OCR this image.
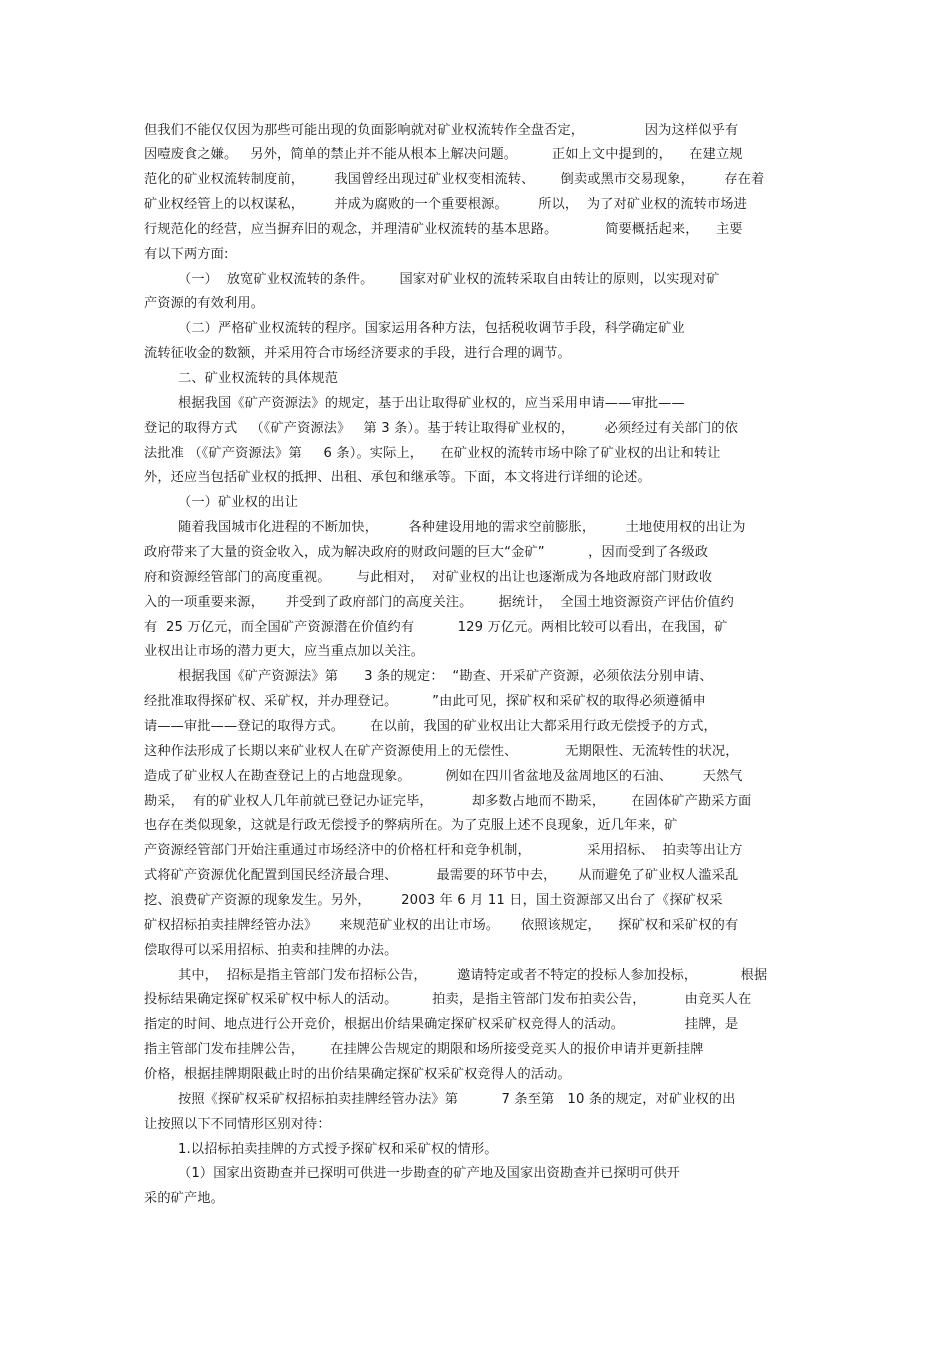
但我们不能仅仅因为那些可能出现的负面影响就对矿业权流转作全盘否定，              因为这样似乎有
因噎废食之嫌。   另外，简单的禁止并不能从根本上解决问题。        正如上文中提到的，    在建立规
范化的矿业权流转制度前，       我国曾经出现过矿业权变相流转、      倒卖或黑市交易现象，       存在着
矿业权经管上的以权谋私，       并成为腐败的一个重要根源。       所以，  为了对矿业权的流转市场进
行规范化的经营，应当摒弃旧的观念，并理清矿业权流转的基本思路。           简要概括起来，    主要
有以下两方面:
（一）  放宽矿业权流转的条件。      国家对矿业权的流转采取自由转让的原则，以实现对矿
产资源的有效利用。
（二）严格矿业权流转的程序。国家运用各种方法，包括税收调节手段，科学确定矿业
流转征收金的数额，并采用符合市场经济要求的手段，进行合理的调节。
二、矿业权流转的具体规范
根据我国《矿产资源法》的规定，基于出让取得矿业权的，应当采用申请——审批——
登记的取得方式   （《矿产资源法》   第 3 条）。基于转让取得矿业权的，       必须经过有关部门的依
法批准 （《矿产资源法》第     6 条）。实际上，    在矿业权的流转市场中除了矿业权的出让和转让
外，还应当包括矿业权的抵押、出租、承包和继承等。下面，本文将进行详细的论述。
（一）矿业权的出让
随着我国城市化进程的不断加快，       各种建设用地的需求空前膨胀，       土地使用权的出让为
政府带来了大量的资金收入，成为解决政府的财政问题的巨大“金矿”          ，因而受到了各级政
府和资源经管部门的高度重视。      与此相对，  对矿业权的出让也逐渐成为各地政府部门财政收
入的一项重要来源，     并受到了政府部门的高度关注。      据统计，  全国土地资源资产评估价值约
有  25 万亿元，而全国矿产资源潜在价值约有          129 万亿元。两相比较可以看出，在我国，矿
业权出让市场的潜力更大，应当重点加以关注。
根据我国《矿产资源法》第      3 条的规定：  “勘查、开采矿产资源，必须依法分别申请、
经批准取得探矿权、采矿权，并办理登记。        ”由此可见，探矿权和采矿权的取得必须遵循申
请——审批——登记的取得方式。      在以前，我国的矿业权出让大都采用行政无偿授予的方式，
这种作法形成了长期以来矿业权人在矿产资源使用上的无偿性、           无期限性、无流转性的状况，
造成了矿业权人在勘查登记上的占地盘现象。        例如在四川省盆地及盆周地区的石油、       天然气
勘采，  有的矿业权人几年前就已登记办证完毕，         却多数占地而不勘采，      在固体矿产勘采方面
也存在类似现象，这就是行政无偿授予的弊病所在。为了克服上述不良现象，近几年来，矿
产资源经管部门开始注重通过市场经济中的价格杠杆和竞争机制，             采用招标、  拍卖等出让方
式将矿产资源优化配置到国民经济最合理、         最需要的环节中去，     从而避免了矿业权人滥采乱
挖、浪费矿产资源的现象发生。另外，       2003 年 6 月 11 日，国土资源部又出台了《探矿权采
矿权招标拍卖挂牌经管办法》     来规范矿业权的出让市场。     依照该规定，    探矿权和采矿权的有
偿取得可以采用招标、拍卖和挂牌的办法。
其中，  招标是指主管部门发布招标公告，       邀请特定或者不特定的投标人参加投标，          根据
投标结果确定探矿权采矿权中标人的活动。        拍卖，是指主管部门发布拍卖公告，         由竞买人在
指定的时间、地点进行公开竞价，根据出价结果确定探矿权采矿权竞得人的活动。              挂牌，是
指主管部门发布挂牌公告，      在挂牌公告规定的期限和场所接受竞买人的报价申请并更新挂牌
价格，根据挂牌期限截止时的出价结果确定探矿权采矿权竞得人的活动。
按照《探矿权采矿权招标拍卖挂牌经管办法》第          7 条至第   10 条的规定，对矿业权的出
让按照以下不同情形区别对待：
1.以招标拍卖挂牌的方式授予探矿权和采矿权的情形。
（1）国家出资勘查并已探明可供进一步勘查的矿产地及国家出资勘查并已探明可供开
采的矿产地。
